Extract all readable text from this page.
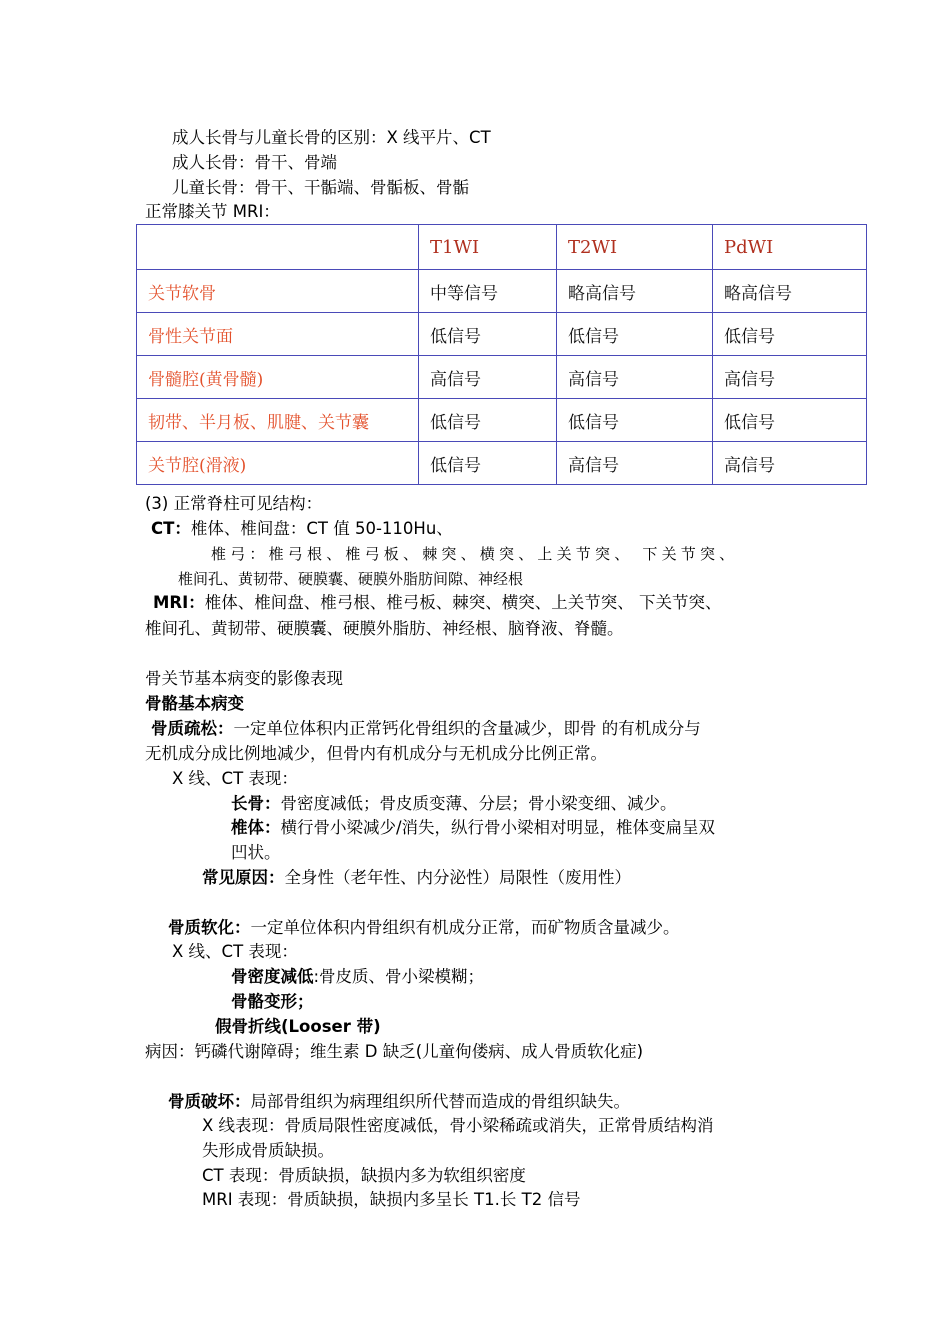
成人长骨与儿童长骨的区别：X 线平片、CT
成人长骨：骨干、骨端
儿童长骨：骨干、干骺端、骨骺板、骨骺
正常膝关节 MRI：
	T1WI	T2WI	PdWI
关节软骨	中等信号	略高信号	略高信号
骨性关节面	低信号	低信号	低信号
骨髓腔(黄骨髓)	高信号	高信号	高信号
韧带、半月板、肌腱、关节囊	低信号	低信号	低信号
关节腔(滑液)	低信号	高信号	高信号
(3) 正常脊柱可见结构：
CT：椎体、椎间盘：CT 值 50-110Hu、
椎弓：椎弓根、椎弓板、棘突、横突、上关节突、 下关节突、
椎间孔、黄韧带、硬膜囊、硬膜外脂肪间隙、神经根
MRI：椎体、椎间盘、椎弓根、椎弓板、棘突、横突、上关节突、 下关节突、
椎间孔、黄韧带、硬膜囊、硬膜外脂肪、神经根、脑脊液、脊髓。
骨关节基本病变的影像表现
骨骼基本病变
骨质疏松：一定单位体积内正常钙化骨组织的含量减少，即骨 的有机成分与
无机成分成比例地减少，但骨内有机成分与无机成分比例正常。
X 线、CT 表现：
长骨：骨密度减低；骨皮质变薄、分层；骨小梁变细、减少。
椎体：横行骨小梁减少/消失，纵行骨小梁相对明显，椎体变扁呈双
凹状。
常见原因：全身性（老年性、内分泌性）局限性（废用性）
骨质软化：一定单位体积内骨组织有机成分正常，而矿物质含量减少。
X 线、CT 表现：
骨密度减低:骨皮质、骨小梁模糊；
骨骼变形；
假骨折线(Looser 带)
病因：钙磷代谢障碍；维生素 D 缺乏(儿童佝偻病、成人骨质软化症)
骨质破坏：局部骨组织为病理组织所代替而造成的骨组织缺失。
X 线表现：骨质局限性密度减低，骨小梁稀疏或消失，正常骨质结构消
失形成骨质缺损。
CT 表现：骨质缺损，缺损内多为软组织密度
MRI 表现：骨质缺损，缺损内多呈长 T1.长 T2 信号
